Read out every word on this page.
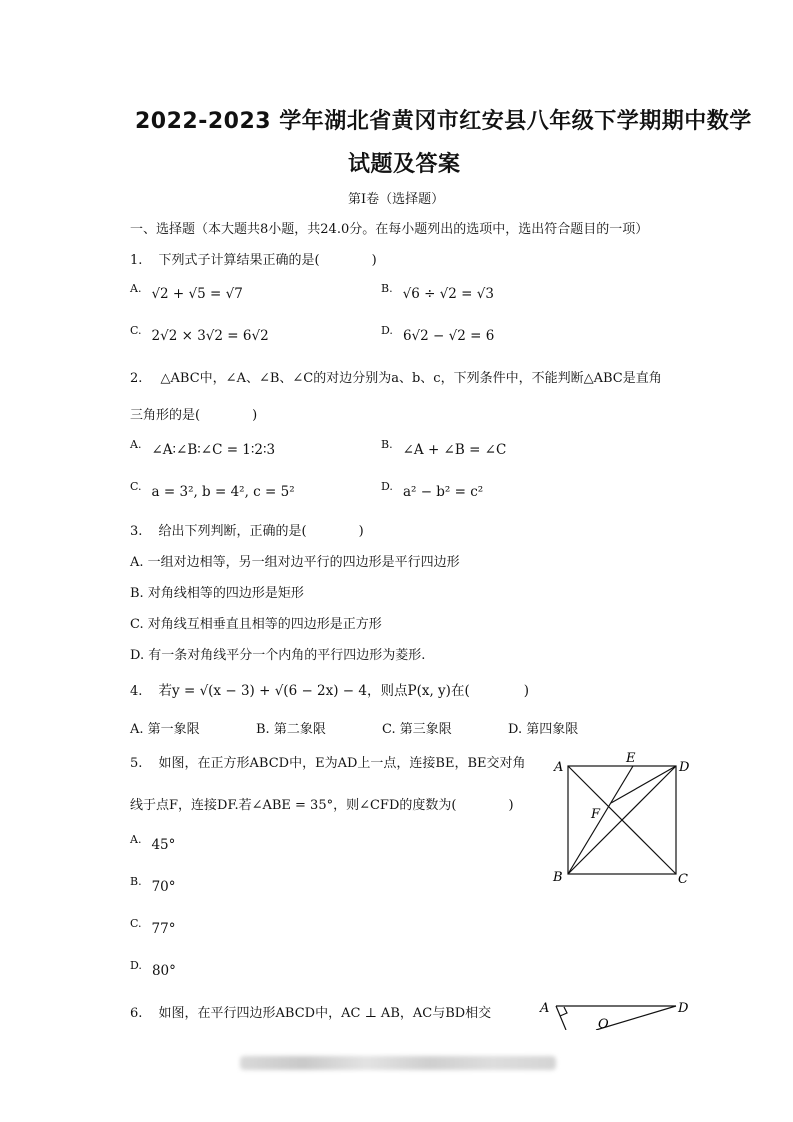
2022-2023 学年湖北省黄冈市红安县八年级下学期期中数学
试题及答案
第I卷（选择题）
一、选择题（本大题共8小题，共24.0分。在每小题列出的选项中，选出符合题目的一项）
1. 下列式子计算结果正确的是(　　　　)
$^{A.}$ √2 + √5 = √7	$^{B.}$ √6 ÷ √2 = √3
$^{C.}$ 2√2 × 3√2 = 6√2	$^{D.}$ 6√2 − √2 = 6
2. △ABC中，∠A、∠B、∠C的对边分别为a、b、c，下列条件中，不能判断△ABC是直角
三角形的是(　　　　)
$^{A.}$ ∠A∶∠B∶∠C = 1∶2∶3	$^{B.}$ ∠A + ∠B = ∠C
$^{C.}$ a = 3², b = 4², c = 5²	$^{D.}$ a² − b² = c²
3. 给出下列判断，正确的是(　　　　)
A. 一组对边相等，另一组对边平行的四边形是平行四边形
B. 对角线相等的四边形是矩形
C. 对角线互相垂直且相等的四边形是正方形
D. 有一条对角线平分一个内角的平行四边形为菱形.
4. 若y = √(x − 3) + √(6 − 2x) − 4，则点P(x, y)在(　　　　)
A. 第一象限	B. 第二象限	C. 第三象限	D. 第四象限
5. 如图，在正方形ABCD中，E为AD上一点，连接BE，BE交对角
线于点F，连接DF.若∠ABE = 35°，则∠CFD的度数为(　　　　)
$^{A.}$ 45°
$^{B.}$ 70°
$^{C.}$ 77°
$^{D.}$ 80°
A
E
D
F
B	C
6. 如图，在平行四边形ABCD中，AC ⊥ AB，AC与BD相交	A
O
D
